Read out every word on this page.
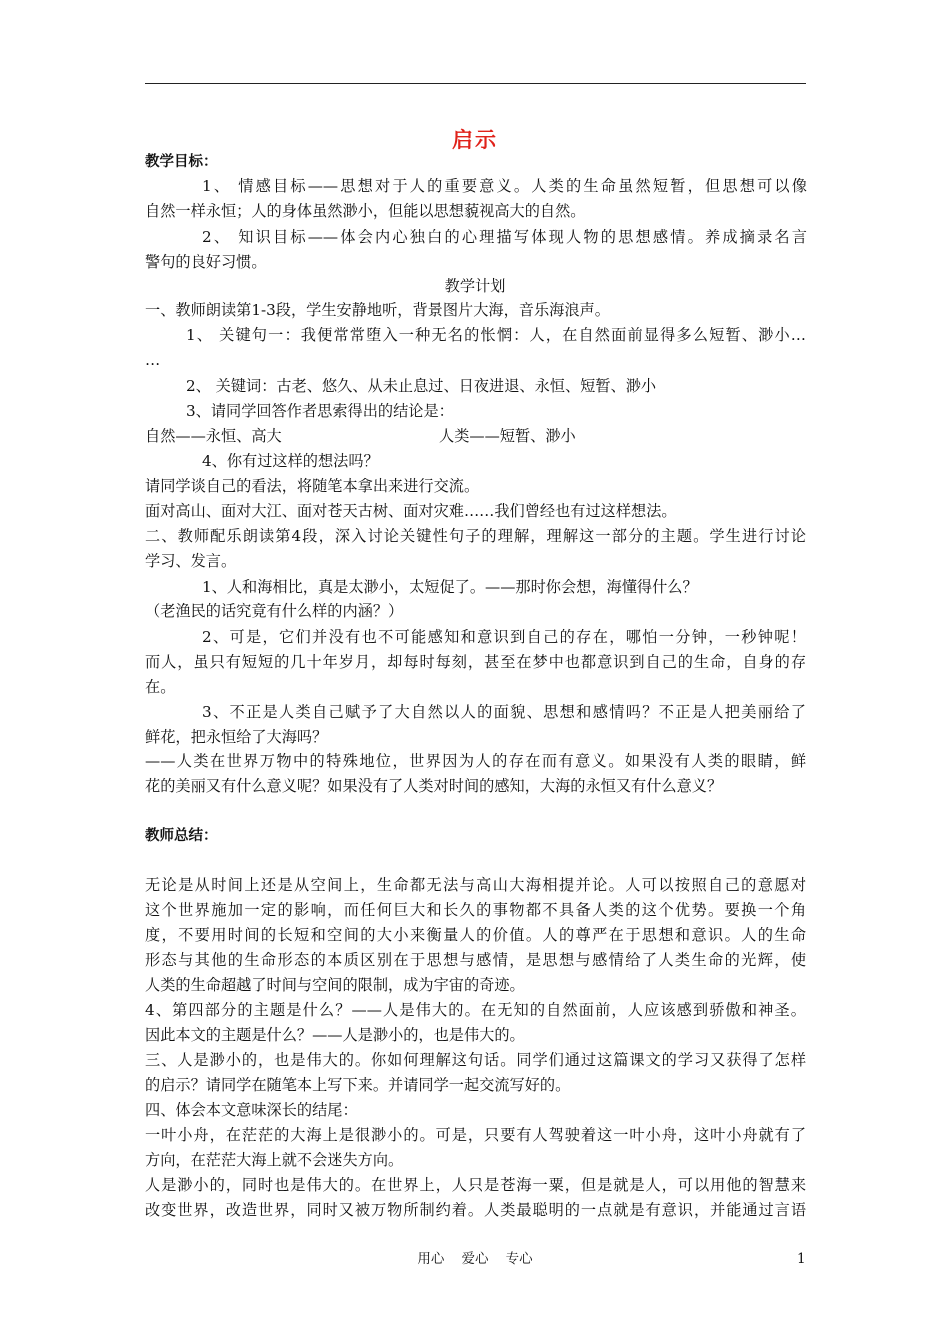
启示
教学目标：
1、 情感目标——思想对于人的重要意义。人类的生命虽然短暂，但思想可以像
自然一样永恒；人的身体虽然渺小，但能以思想藐视高大的自然。
2、 知识目标——体会内心独白的心理描写体现人物的思想感情。养成摘录名言
警句的良好习惯。
教学计划
一、教师朗读第1-3段，学生安静地听，背景图片大海，音乐海浪声。
1、 关键句一：我便常常堕入一种无名的怅惘：人，在自然面前显得多么短暂、渺小…
…
2、 关键词：古老、悠久、从未止息过、日夜进退、永恒、短暂、渺小
3、请同学回答作者思索得出的结论是：
自然——永恒、高大	人类——短暂、渺小
4、你有过这样的想法吗？
请同学谈自己的看法，将随笔本拿出来进行交流。
面对高山、面对大江、面对苍天古树、面对灾难……我们曾经也有过这样想法。
二、教师配乐朗读第4段，深入讨论关键性句子的理解，理解这一部分的主题。学生进行讨论
学习、发言。
1、人和海相比，真是太渺小，太短促了。——那时你会想，海懂得什么？
（老渔民的话究竟有什么样的内涵？）
2、可是，它们并没有也不可能感知和意识到自己的存在，哪怕一分钟，一秒钟呢！
而人，虽只有短短的几十年岁月，却每时每刻，甚至在梦中也都意识到自己的生命，自身的存
在。
3、不正是人类自己赋予了大自然以人的面貌、思想和感情吗？不正是人把美丽给了
鲜花，把永恒给了大海吗？
——人类在世界万物中的特殊地位，世界因为人的存在而有意义。如果没有人类的眼睛，鲜
花的美丽又有什么意义呢？如果没有了人类对时间的感知，大海的永恒又有什么意义？
教师总结：
无论是从时间上还是从空间上，生命都无法与高山大海相提并论。人可以按照自己的意愿对
这个世界施加一定的影响，而任何巨大和长久的事物都不具备人类的这个优势。要换一个角
度，不要用时间的长短和空间的大小来衡量人的价值。人的尊严在于思想和意识。人的生命
形态与其他的生命形态的本质区别在于思想与感情，是思想与感情给了人类生命的光辉，使
人类的生命超越了时间与空间的限制，成为宇宙的奇迹。
4、第四部分的主题是什么？——人是伟大的。在无知的自然面前，人应该感到骄傲和神圣。
因此本文的主题是什么？——人是渺小的，也是伟大的。
三、人是渺小的，也是伟大的。你如何理解这句话。同学们通过这篇课文的学习又获得了怎样
的启示？请同学在随笔本上写下来。并请同学一起交流写好的。
四、体会本文意味深长的结尾：
一叶小舟，在茫茫的大海上是很渺小的。可是，只要有人驾驶着这一叶小舟，这叶小舟就有了
方向，在茫茫大海上就不会迷失方向。
人是渺小的，同时也是伟大的。在世界上，人只是苍海一粟，但是就是人，可以用他的智慧来
改变世界，改造世界，同时又被万物所制约着。人类最聪明的一点就是有意识，并能通过言语
用心    爱心    专心	1
